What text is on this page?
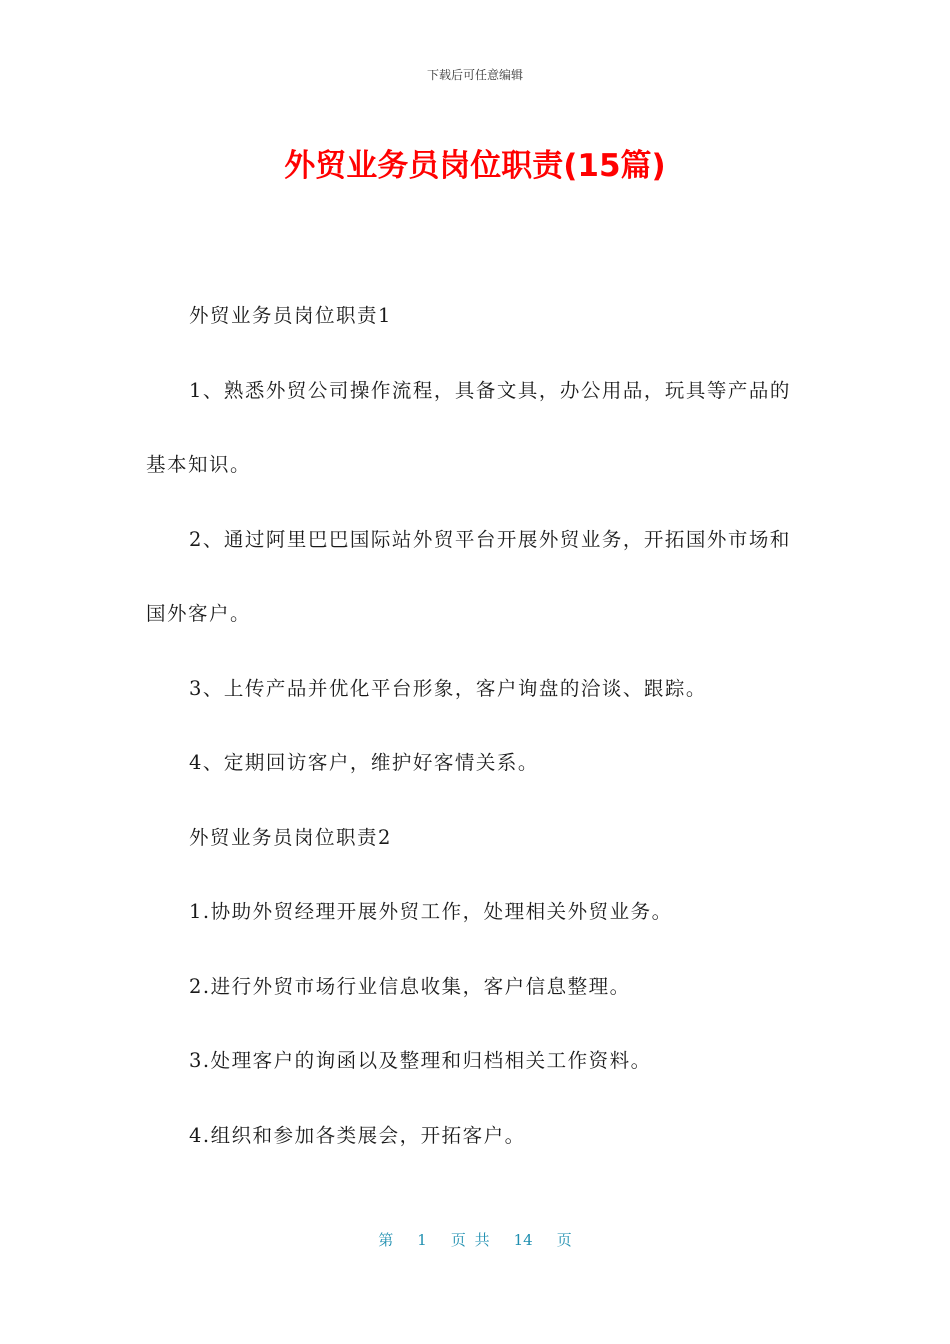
下载后可任意编辑
外贸业务员岗位职责(15篇)

外贸业务员岗位职责1

1、熟悉外贸公司操作流程，具备文具，办公用品，玩具等产品的基本知识。

2、通过阿里巴巴国际站外贸平台开展外贸业务，开拓国外市场和国外客户。

3、上传产品并优化平台形象，客户询盘的洽谈、跟踪。

4、定期回访客户，维护好客情关系。

外贸业务员岗位职责2

1.协助外贸经理开展外贸工作，处理相关外贸业务。

2.进行外贸市场行业信息收集，客户信息整理。

3.处理客户的询函以及整理和归档相关工作资料。

4.组织和参加各类展会，开拓客户。

第 1 页 共 14 页
